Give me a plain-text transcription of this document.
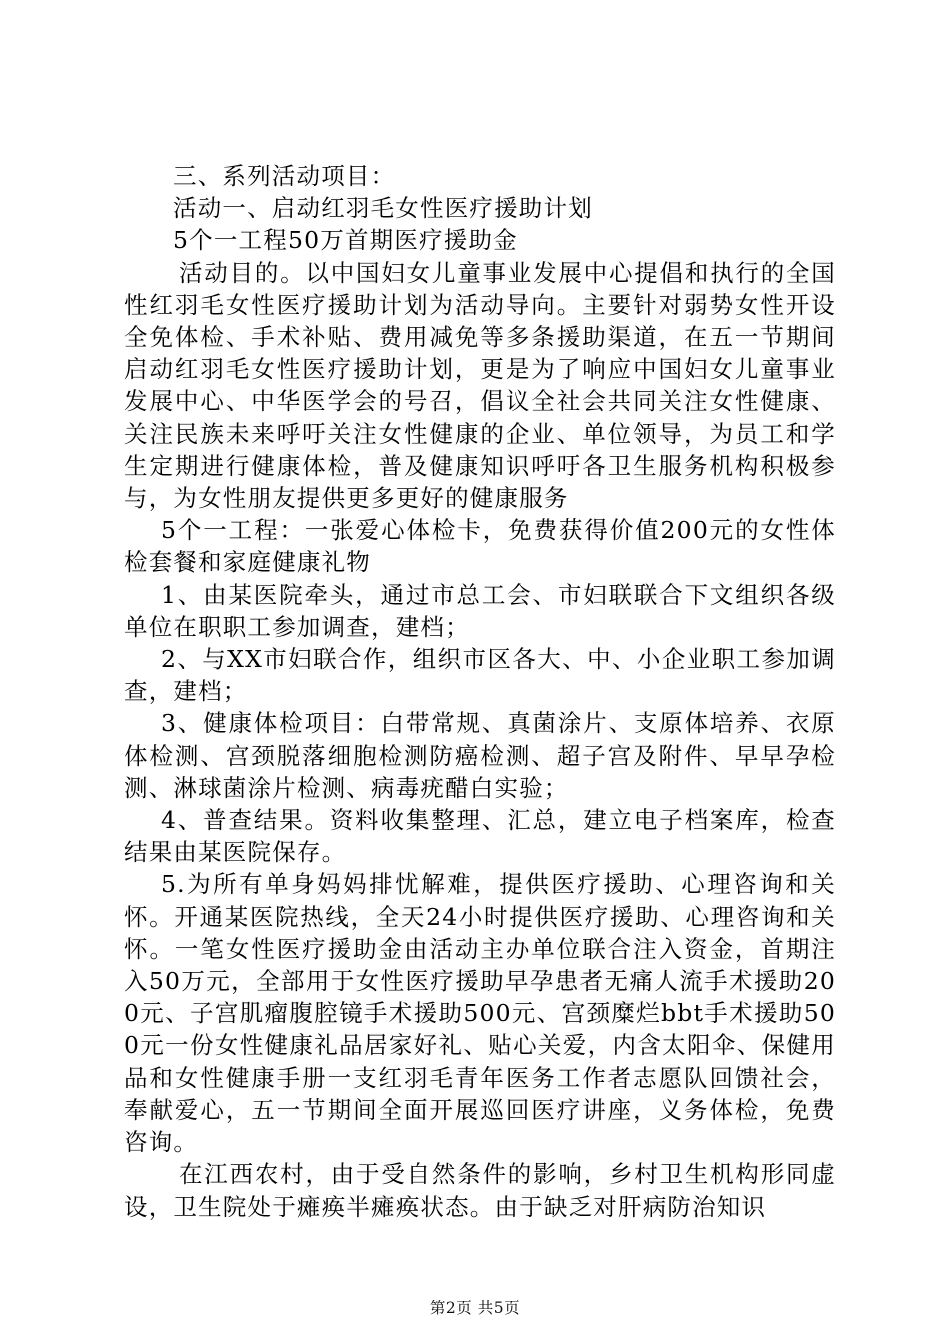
三、系列活动项目：

活动一、启动红羽毛女性医疗援助计划

5个一工程50万首期医疗援助金

活动目的。以中国妇女儿童事业发展中心提倡和执行的全国性红羽毛女性医疗援助计划为活动导向。主要针对弱势女性开设全免体检、手术补贴、费用减免等多条援助渠道，在五一节期间启动红羽毛女性医疗援助计划，更是为了响应中国妇女儿童事业发展中心、中华医学会的号召，倡议全社会共同关注女性健康、关注民族未来呼吁关注女性健康的企业、单位领导，为员工和学生定期进行健康体检，普及健康知识呼吁各卫生服务机构积极参与，为女性朋友提供更多更好的健康服务

5个一工程：一张爱心体检卡，免费获得价值200元的女性体检套餐和家庭健康礼物

1、由某医院牵头，通过市总工会、市妇联联合下文组织各级单位在职职工参加调查，建档；

2、与XX市妇联合作，组织市区各大、中、小企业职工参加调查，建档；

3、健康体检项目：白带常规、真菌涂片、支原体培养、衣原体检测、宫颈脱落细胞检测防癌检测、超子宫及附件、早早孕检测、淋球菌涂片检测、病毒疣醋白实验；

4、普查结果。资料收集整理、汇总，建立电子档案库，检查结果由某医院保存。

5.为所有单身妈妈排忧解难，提供医疗援助、心理咨询和关怀。开通某医院热线，全天24小时提供医疗援助、心理咨询和关怀。一笔女性医疗援助金由活动主办单位联合注入资金，首期注入50万元，全部用于女性医疗援助早孕患者无痛人流手术援助200元、子宫肌瘤腹腔镜手术援助500元、宫颈糜烂bbt手术援助500元一份女性健康礼品居家好礼、贴心关爱，内含太阳伞、保健用品和女性健康手册一支红羽毛青年医务工作者志愿队回馈社会，奉献爱心，五一节期间全面开展巡回医疗讲座，义务体检，免费咨询。

在江西农村，由于受自然条件的影响，乡村卫生机构形同虚设，卫生院处于瘫痪半瘫痪状态。由于缺乏对肝病防治知识

第2页 共5页
